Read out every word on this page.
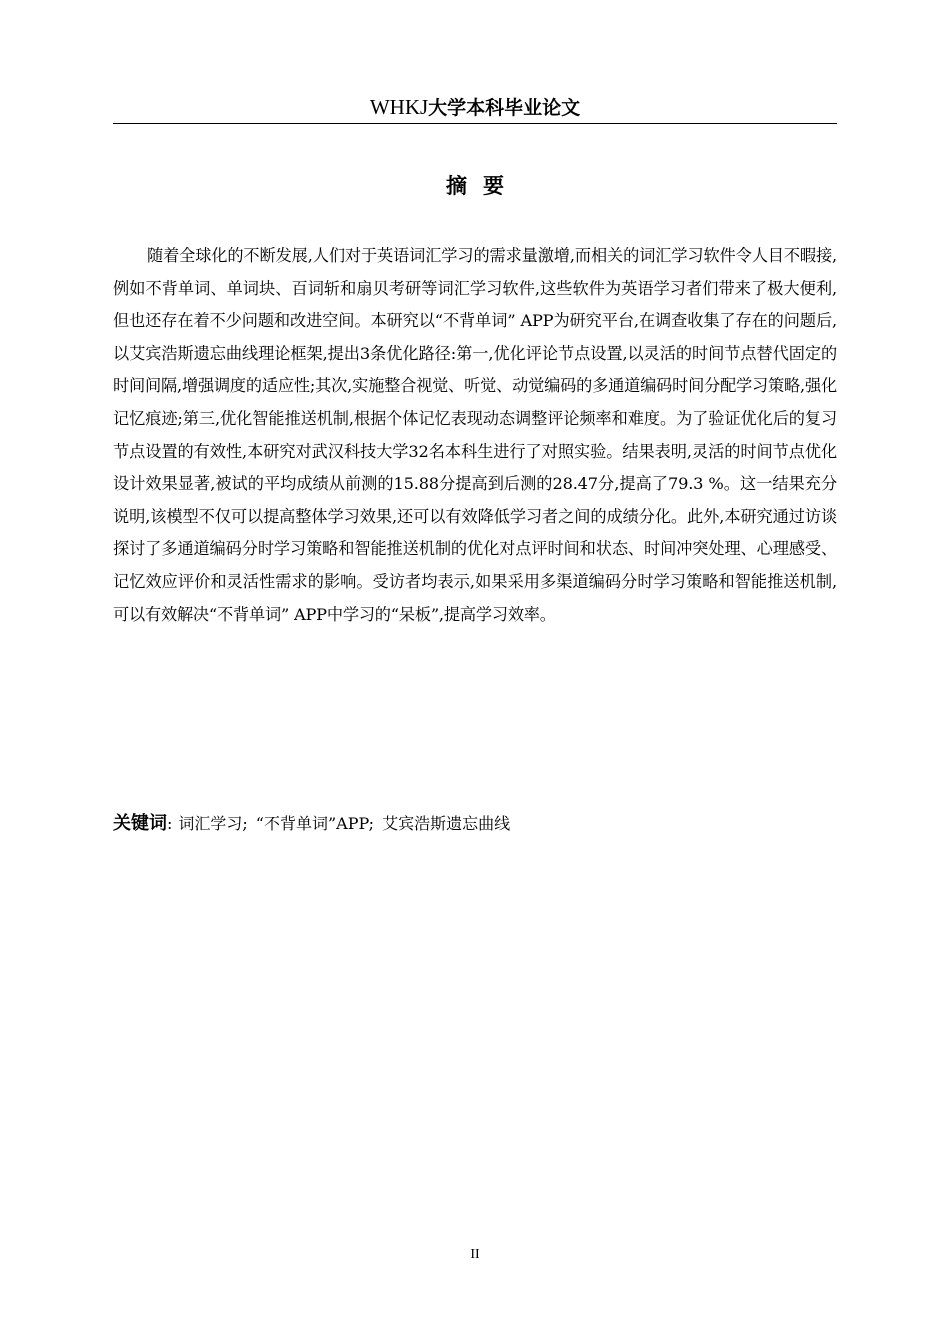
WHKJ大学本科毕业论文
摘要

随着全球化的不断发展,人们对于英语词汇学习的需求量激增,而相关的词汇学习软件令人目不暇接,例如不背单词、单词块、百词斩和扇贝考研等词汇学习软件,这些软件为英语学习者们带来了极大便利,但也还存在着不少问题和改进空间。本研究以“不背单词” APP为研究平台,在调查收集了存在的问题后,以艾宾浩斯遗忘曲线理论框架,提出3条优化路径:第一,优化评论节点设置,以灵活的时间节点替代固定的时间间隔,增强调度的适应性;其次,实施整合视觉、听觉、动觉编码的多通道编码时间分配学习策略,强化记忆痕迹;第三,优化智能推送机制,根据个体记忆表现动态调整评论频率和难度。为了验证优化后的复习节点设置的有效性,本研究对武汉科技大学32名本科生进行了对照实验。结果表明,灵活的时间节点优化设计效果显著,被试的平均成绩从前测的15.88分提高到后测的28.47分,提高了79.3 %。这一结果充分说明,该模型不仅可以提高整体学习效果,还可以有效降低学习者之间的成绩分化。此外,本研究通过访谈探讨了多通道编码分时学习策略和智能推送机制的优化对点评时间和状态、时间冲突处理、心理感受、记忆效应评价和灵活性需求的影响。受访者均表示,如果采用多渠道编码分时学习策略和智能推送机制,可以有效解决“不背单词” APP中学习的“呆板”,提高学习效率。

关键词: 词汇学习; “不背单词”APP; 艾宾浩斯遗忘曲线
II
